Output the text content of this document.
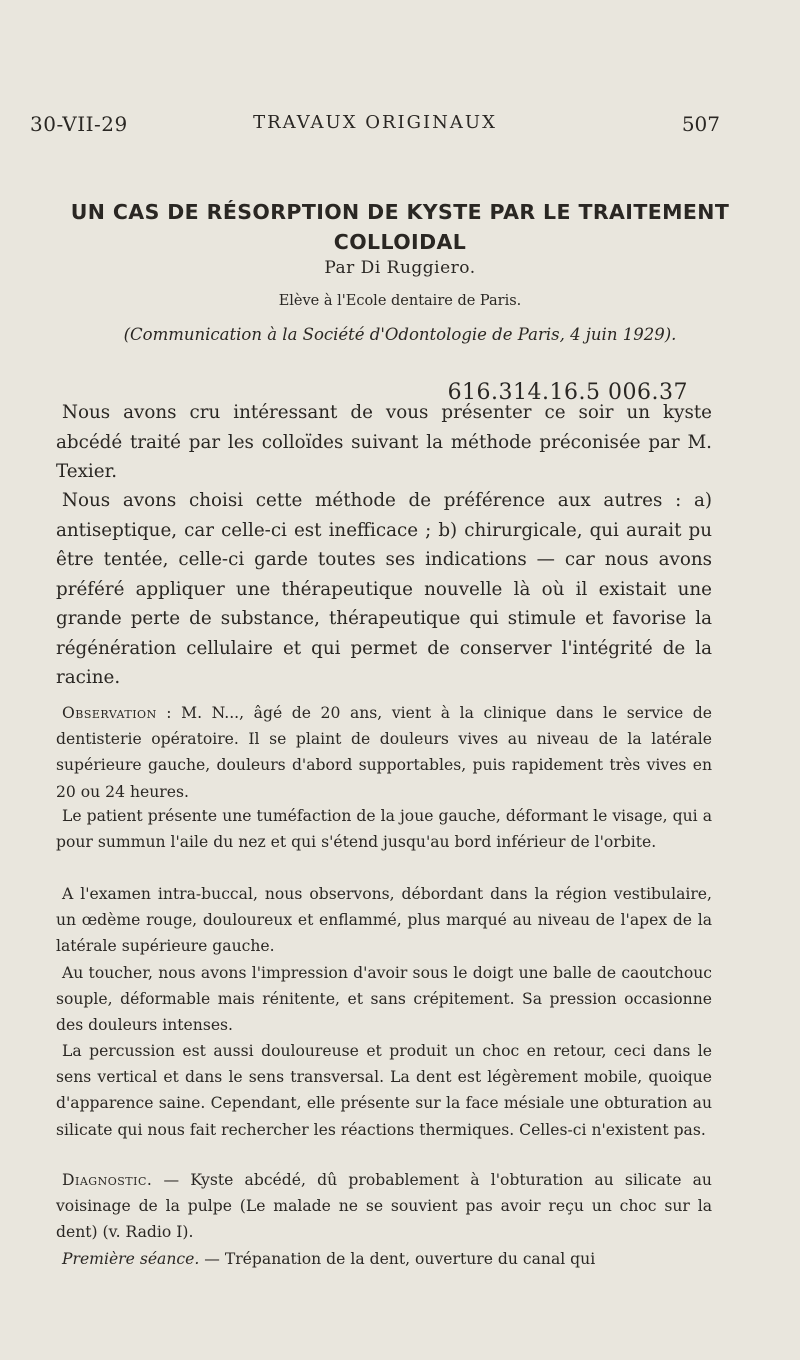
30-VII-29	TRAVAUX ORIGINAUX	507
UN CAS DE RÉSORPTION DE KYSTE PAR LE TRAITEMENT COLLOIDAL
Par Di Ruggiero.
Elève à l'Ecole dentaire de Paris.
(Communication à la Société d'Odontologie de Paris, 4 juin 1929).
616.314.16.5 006.37

Nous avons cru intéressant de vous présenter ce soir un kyste abcédé traité par les colloïdes suivant la méthode préconisée par M. Texier.

Nous avons choisi cette méthode de préférence aux autres : a) antiseptique, car celle-ci est inefficace ; b) chirurgicale, qui aurait pu être tentée, celle-ci garde toutes ses indications — car nous avons préféré appliquer une thérapeutique nouvelle là où il existait une grande perte de substance, thérapeutique qui stimule et favorise la régénération cellulaire et qui permet de conserver l'intégrité de la racine.

Observation : M. N..., âgé de 20 ans, vient à la clinique dans le service de dentisterie opératoire. Il se plaint de douleurs vives au niveau de la latérale supérieure gauche, douleurs d'abord supportables, puis rapidement très vives en 20 ou 24 heures.

Le patient présente une tuméfaction de la joue gauche, déformant le visage, qui a pour summun l'aile du nez et qui s'étend jusqu'au bord inférieur de l'orbite.

A l'examen intra-buccal, nous observons, débordant dans la région vestibulaire, un œdème rouge, douloureux et enflammé, plus marqué au niveau de l'apex de la latérale supérieure gauche.

Au toucher, nous avons l'impression d'avoir sous le doigt une balle de caoutchouc souple, déformable mais rénitente, et sans crépitement. Sa pression occasionne des douleurs intenses.

La percussion est aussi douloureuse et produit un choc en retour, ceci dans le sens vertical et dans le sens transversal. La dent est légèrement mobile, quoique d'apparence saine. Cependant, elle présente sur la face mésiale une obturation au silicate qui nous fait rechercher les réactions thermiques. Celles-ci n'existent pas.

Diagnostic. — Kyste abcédé, dû probablement à l'obturation au silicate au voisinage de la pulpe (Le malade ne se souvient pas avoir reçu un choc sur la dent) (v. Radio I).

Première séance. — Trépanation de la dent, ouverture du canal qui
